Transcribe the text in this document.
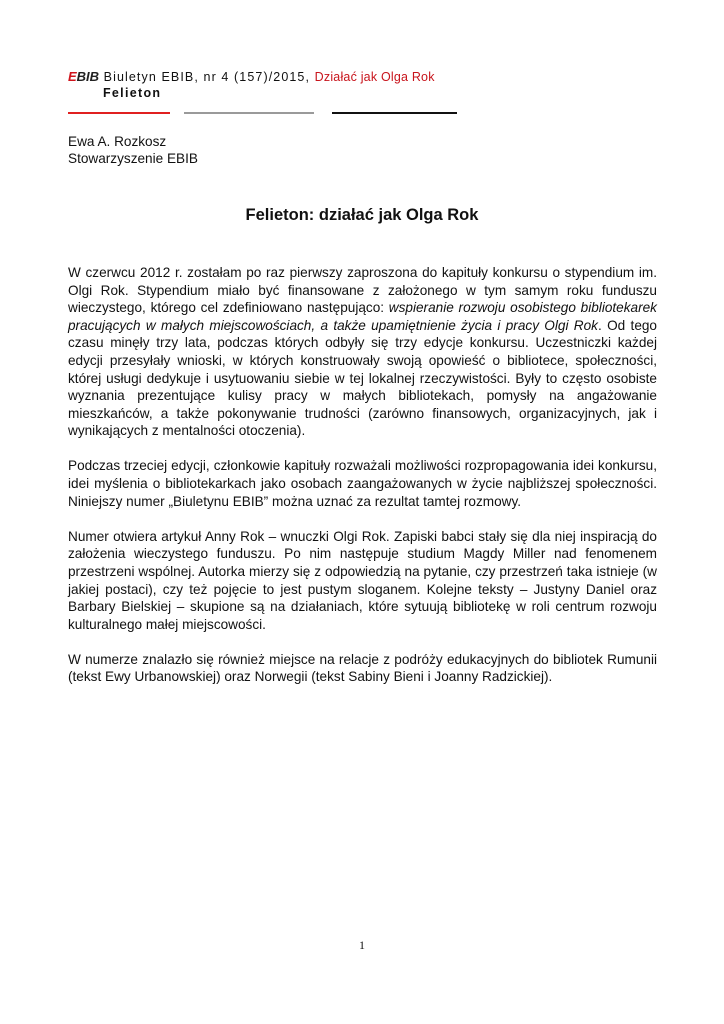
EBIB Biuletyn EBIB, nr 4 (157)/2015, Działać jak Olga Rok
Felieton
Ewa A. Rozkosz
Stowarzyszenie EBIB
Felieton: działać jak Olga Rok

W czerwcu 2012 r. zostałam po raz pierwszy zaproszona do kapituły konkursu o stypendium im. Olgi Rok. Stypendium miało być finansowane z założonego w tym samym roku funduszu wieczystego, którego cel zdefiniowano następująco: wspieranie rozwoju osobistego bibliotekarek pracujących w małych miejscowościach, a także upamiętnienie życia i pracy Olgi Rok. Od tego czasu minęły trzy lata, podczas których odbyły się trzy edycje konkursu. Uczestniczki każdej edycji przesyłały wnioski, w których konstruowały swoją opowieść o bibliotece, społeczności, której usługi dedykuje i usytuowaniu siebie w tej lokalnej rzeczywistości. Były to często osobiste wyznania prezentujące kulisy pracy w małych bibliotekach, pomysły na angażowanie mieszkańców, a także pokonywanie trudności (zarówno finansowych, organizacyjnych, jak i wynikających z mentalności otoczenia).

Podczas trzeciej edycji, członkowie kapituły rozważali możliwości rozpropagowania idei konkursu, idei myślenia o bibliotekarkach jako osobach zaangażowanych w życie najbliższej społeczności. Niniejszy numer „Biuletynu EBIB” można uznać za rezultat tamtej rozmowy.

Numer otwiera artykuł Anny Rok – wnuczki Olgi Rok. Zapiski babci stały się dla niej inspiracją do założenia wieczystego funduszu. Po nim następuje studium Magdy Miller nad fenomenem przestrzeni wspólnej. Autorka mierzy się z odpowiedzią na pytanie, czy przestrzeń taka istnieje (w jakiej postaci), czy też pojęcie to jest pustym sloganem. Kolejne teksty – Justyny Daniel oraz Barbary Bielskiej – skupione są na działaniach, które sytuują bibliotekę w roli centrum rozwoju kulturalnego małej miejscowości.

W numerze znalazło się również miejsce na relacje z podróży edukacyjnych do bibliotek Rumunii (tekst Ewy Urbanowskiej) oraz Norwegii (tekst Sabiny Bieni i Joanny Radzickiej).

1
